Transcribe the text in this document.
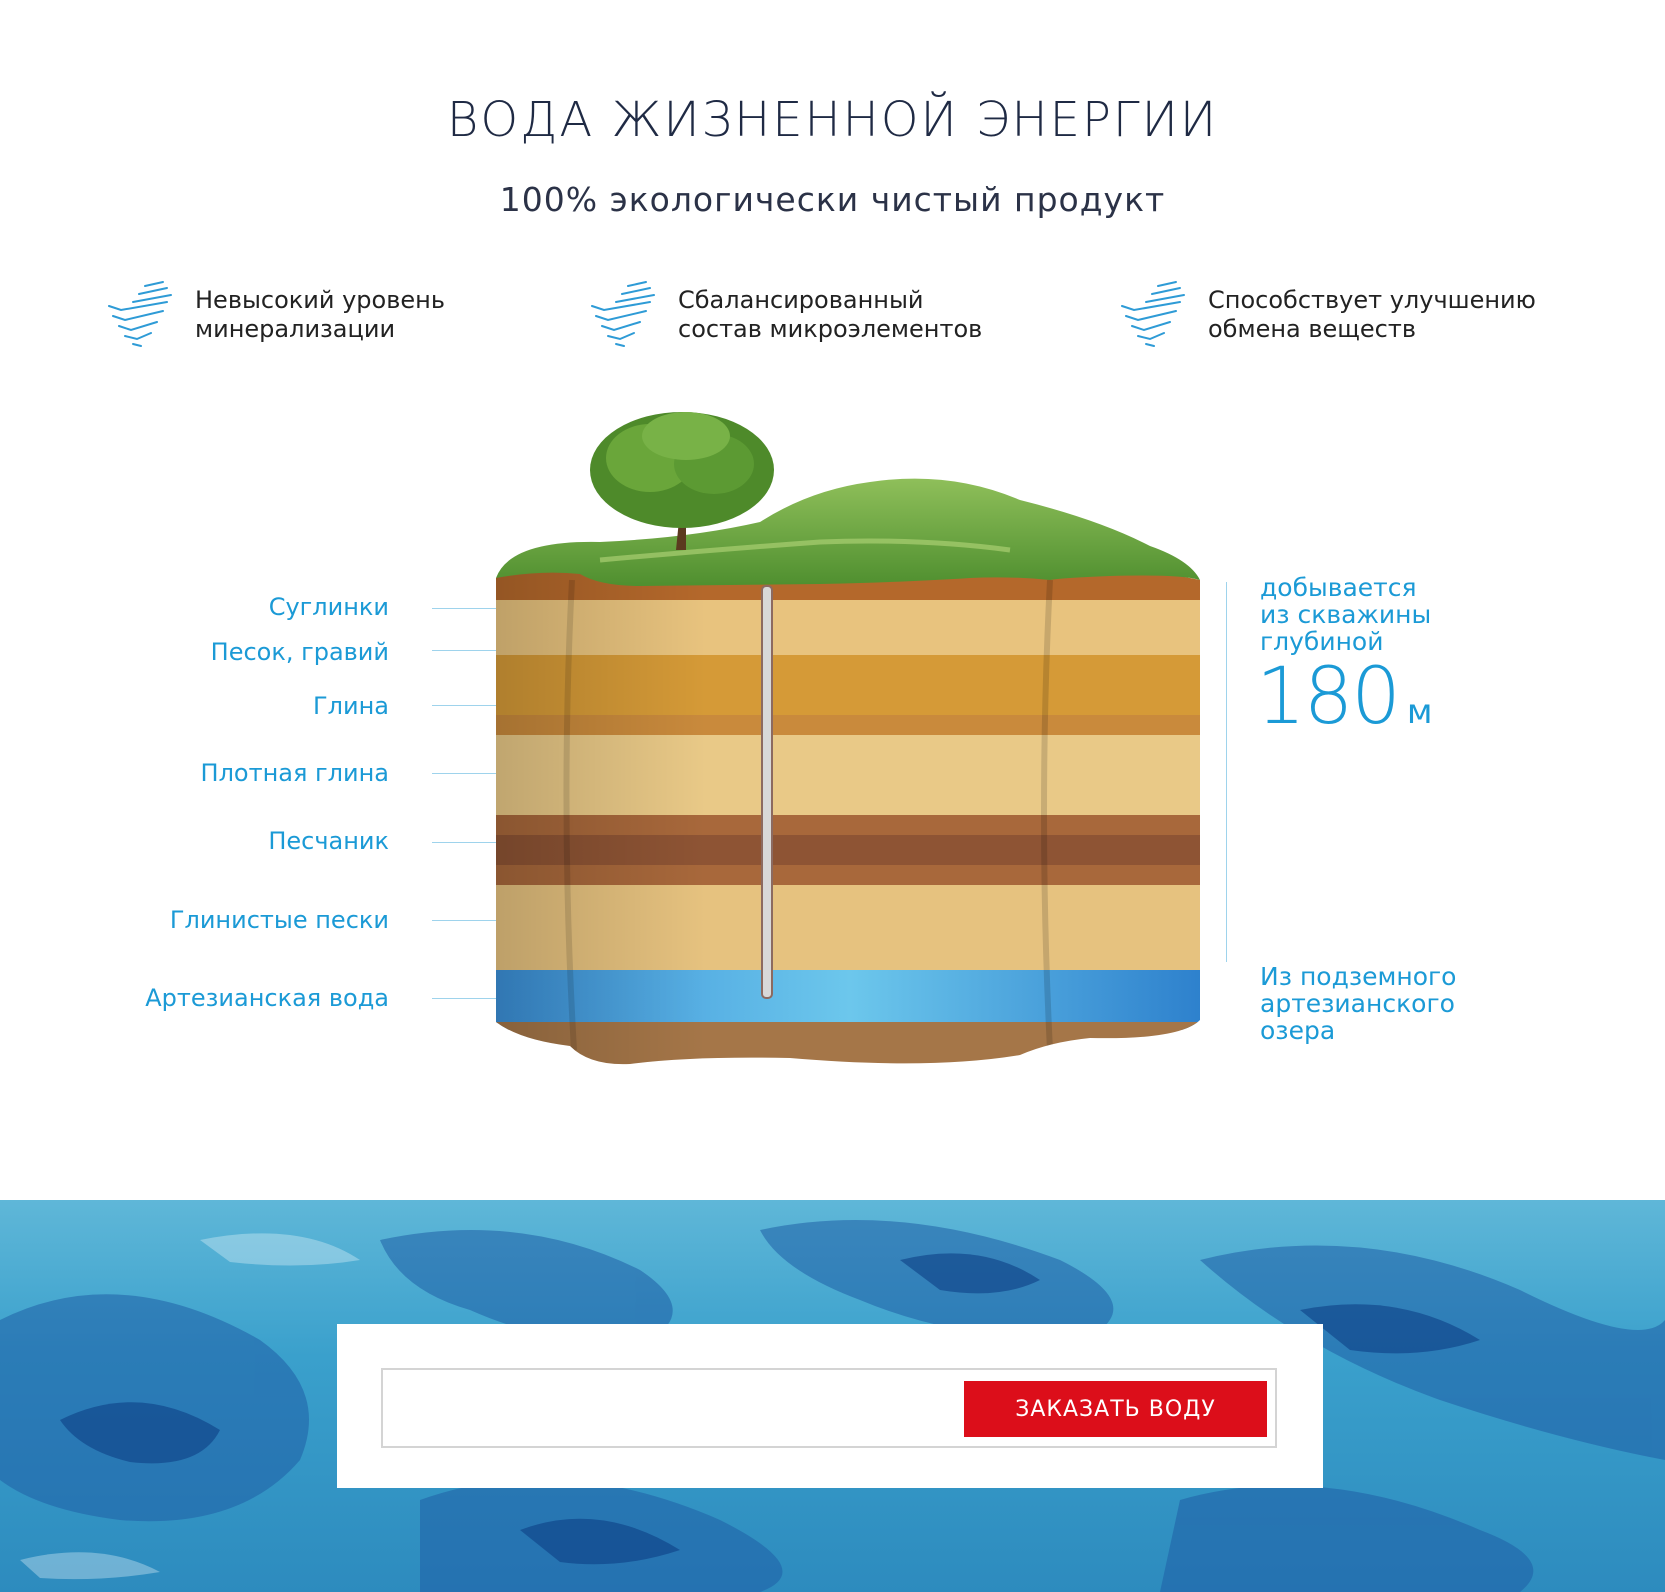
ВОДА ЖИЗНЕННОЙ ЭНЕРГИИ
100% экологически чистый продукт
Невысокий уровень
минерализации
Сбалансированный
состав микроэлементов
Способствует улучшению
обмена веществ
Суглинки
Песок, гравий
Глина
Плотная глина
Песчаник
Глинистые пески
Артезианская вода
добывается
из скважины
глубиной
180 м
Из подземного
артезианского
озера
ЗАКАЗАТЬ ВОДУ
